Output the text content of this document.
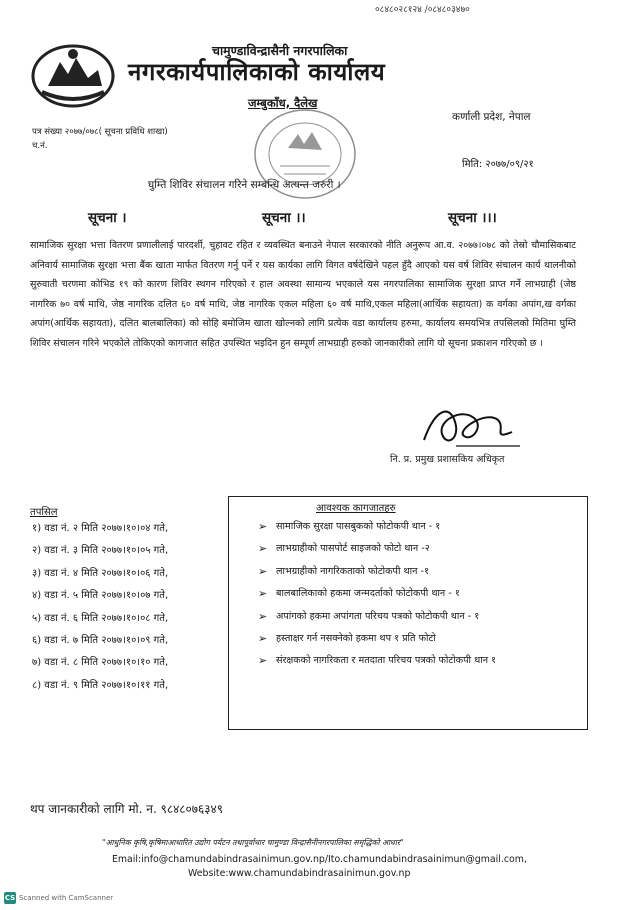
०८४८०२८१२४ /०८४८०३४७०
चामुण्डाविन्द्रासैनी नगरपालिका
नगरकार्यपालिकाको कार्यालय
जम्बुकाँध, दैलेख
कर्णाली प्रदेश, नेपाल
पत्र संख्या २०७७/०७८( सूचना प्रविधि शाखा)
च.नं.
मिति: २०७७/०९/२१
घुम्ति शिविर संचालन गरिने सम्बन्धि अत्यन्त जरुरी ।
सूचना ।	सूचना ।।	सूचना ।।।

सामाजिक सुरक्षा भत्ता वितरण प्रणालीलाई पारदर्शी, चुहावट रहित र व्यवस्थित बनाउने नेपाल सरकारको नीति अनुरूप आ.व. २०७७।०७८ को तेस्रो चौमासिकबाट अनिवार्य सामाजिक सुरक्षा भत्ता बैंक खाता मार्फत वितरण गर्नु पर्ने र यस कार्यका लागि विगत वर्षदेखिने पहल हुँदै आएको यस वर्ष शिविर संचालन कार्य थालनीको सुरुवाती चरणमा कोभिड १९ को कारण शिविर स्थगन गरिएको र हाल अवस्था सामान्य भएकाले यस नगरपालिका सामाजिक सुरक्षा प्राप्त गर्ने लाभग्राही (जेष्ठ नागरिक ७० वर्ष माथि, जेष्ठ नागरिक दलित ६० वर्ष माथि, जेष्ठ नागरिक एकल महिला ६० वर्ष माथि,एकल महिला(आर्थिक सहायता) क वर्गका अपांग,ख वर्गका अपांग(आर्थिक सहायता), दलित बालबालिका) को सोहि बमोजिम खाता खोल्नको लागि प्रत्येक वडा कार्यालय हरुमा, कार्यालय समयभित्र तपसिलको मितिमा घुम्ति शिविर संचालन गरिने भएकोले तोकिएको कागजात सहित उपस्थित भइदिन हुन सम्पूर्ण लाभग्राही हरुको जानकारीको लागि यो सूचना प्रकाशन गरिएको छ ।

नि. प्र. प्रमुख प्रशासकिय अधिकृत
तपसिल
१) वडा नं. २ मिति २०७७।१०।०४ गते,
२) वडा नं. ३ मिति २०७७।१०।०५ गते,
३) वडा नं. ४ मिति २०७७।१०।०६ गते,
४) वडा नं. ५ मिति २०७७।१०।०७ गते,
५) वडा नं. ६ मिति २०७७।१०।०८ गते,
६) वडा नं. ७ मिति २०७७।१०।०९ गते,
७) वडा नं. ८ मिति २०७७।१०।१० गते,
८) वडा नं. ९ मिति २०७७।१०।११ गते,
आवश्यक कागजातहरु
➢ सामाजिक सुरक्षा पासबुकको फोटोकपी थान - १
➢ लाभग्राहीको पासपोर्ट साइजको फोटो थान -२
➢ लाभग्राहीको नागरिकताको फोटोकपी थान -१
➢ बालबालिकाको हकमा जन्मदर्ताको फोटोकपी थान - १
➢ अपांगको हकमा अपांगता परिचय पत्रको फोटोकपी थान - १
➢ हस्ताक्षर गर्न नसक्नेको हकमा थप १ प्रति फोटो
➢ संरक्षकको नागरिकता र मतदाता परिचय पत्रको फोटोकपी थान १
थप जानकारीको लागि मो. न. ९८४८०७६३४९
"आधुनिक कृषि,कृषिमाआधारित उद्योग पर्यटन तथापूर्वाधार चामुण्डा विन्द्रासैनीनगरपालिका समृद्धिको आधार"
Email:info@chamundabindrasainimun.gov.np/Ito.chamundabindrasainimun@gmail.com,
Website:www.chamundabindrasainimun.gov.np
CS Scanned with CamScanner
